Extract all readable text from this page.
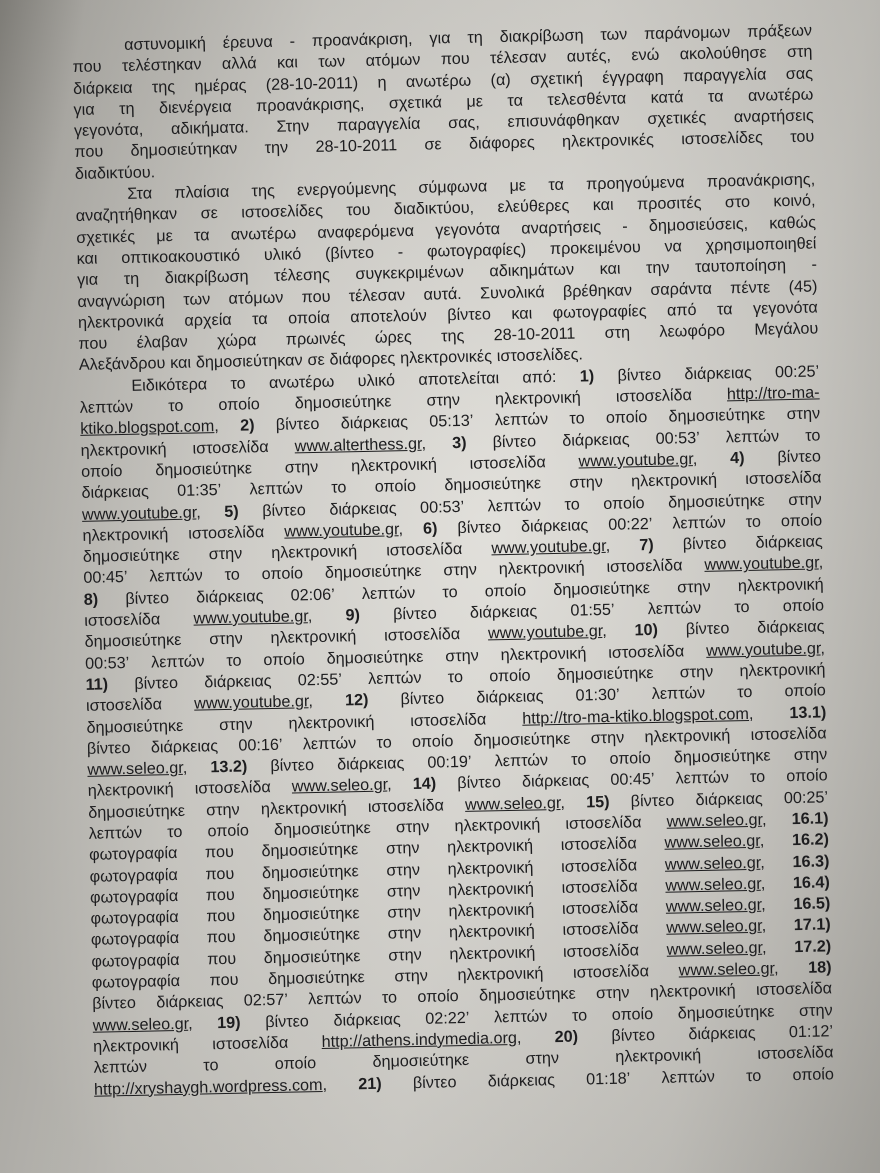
αστυνομική έρευνα - προανάκριση, για τη διακρίβωση των παράνομων πράξεων
που τελέστηκαν αλλά και των ατόμων που τέλεσαν αυτές, ενώ ακολούθησε στη
διάρκεια της ημέρας (28-10-2011) η ανωτέρω (α) σχετική έγγραφη παραγγελία σας
για τη διενέργεια προανάκρισης, σχετικά με τα τελεσθέντα κατά τα ανωτέρω
γεγονότα, αδικήματα. Στην παραγγελία σας, επισυνάφθηκαν σχετικές αναρτήσεις
που δημοσιεύτηκαν την 28-10-2011 σε διάφορες ηλεκτρονικές ιστοσελίδες του
διαδικτύου.
Στα πλαίσια της ενεργούμενης σύμφωνα με τα προηγούμενα προανάκρισης,
αναζητήθηκαν σε ιστοσελίδες του διαδικτύου, ελεύθερες και προσιτές στο κοινό,
σχετικές με τα ανωτέρω αναφερόμενα γεγονότα αναρτήσεις - δημοσιεύσεις, καθώς
και οπτικοακουστικό υλικό (βίντεο - φωτογραφίες) προκειμένου να χρησιμοποιηθεί
για τη διακρίβωση τέλεσης συγκεκριμένων αδικημάτων και την ταυτοποίηση -
αναγνώριση των ατόμων που τέλεσαν αυτά. Συνολικά βρέθηκαν σαράντα πέντε (45)
ηλεκτρονικά αρχεία τα οποία αποτελούν βίντεο και φωτογραφίες από τα γεγονότα
που έλαβαν χώρα πρωινές ώρες της 28-10-2011 στη λεωφόρο Μεγάλου
Αλεξάνδρου και δημοσιεύτηκαν σε διάφορες ηλεκτρονικές ιστοσελίδες.
Ειδικότερα το ανωτέρω υλικό αποτελείται από: 1) βίντεο διάρκειας 00:25’
λεπτών το οποίο δημοσιεύτηκε στην ηλεκτρονική ιστοσελίδα http://tro-ma-
ktiko.blogspot.com, 2) βίντεο διάρκειας 05:13’ λεπτών το οποίο δημοσιεύτηκε στην
ηλεκτρονική ιστοσελίδα www.alterthess.gr, 3) βίντεο διάρκειας 00:53’ λεπτών το
οποίο δημοσιεύτηκε στην ηλεκτρονική ιστοσελίδα www.youtube.gr, 4) βίντεο
διάρκειας 01:35’ λεπτών το οποίο δημοσιεύτηκε στην ηλεκτρονική ιστοσελίδα
www.youtube.gr, 5) βίντεο διάρκειας 00:53’ λεπτών το οποίο δημοσιεύτηκε στην
ηλεκτρονική ιστοσελίδα www.youtube.gr, 6) βίντεο διάρκειας 00:22’ λεπτών το οποίο
δημοσιεύτηκε στην ηλεκτρονική ιστοσελίδα www.youtube.gr, 7) βίντεο διάρκειας
00:45’ λεπτών το οποίο δημοσιεύτηκε στην ηλεκτρονική ιστοσελίδα www.youtube.gr,
8) βίντεο διάρκειας 02:06’ λεπτών το οποίο δημοσιεύτηκε στην ηλεκτρονική
ιστοσελίδα www.youtube.gr, 9) βίντεο διάρκειας 01:55’ λεπτών το οποίο
δημοσιεύτηκε στην ηλεκτρονική ιστοσελίδα www.youtube.gr, 10) βίντεο διάρκειας
00:53’ λεπτών το οποίο δημοσιεύτηκε στην ηλεκτρονική ιστοσελίδα www.youtube.gr,
11) βίντεο διάρκειας 02:55’ λεπτών το οποίο δημοσιεύτηκε στην ηλεκτρονική
ιστοσελίδα www.youtube.gr, 12) βίντεο διάρκειας 01:30’ λεπτών το οποίο
δημοσιεύτηκε στην ηλεκτρονική ιστοσελίδα http://tro-ma-ktiko.blogspot.com, 13.1)
βίντεο διάρκειας 00:16’ λεπτών το οποίο δημοσιεύτηκε στην ηλεκτρονική ιστοσελίδα
www.seleo.gr, 13.2) βίντεο διάρκειας 00:19’ λεπτών το οποίο δημοσιεύτηκε στην
ηλεκτρονική ιστοσελίδα www.seleo.gr, 14) βίντεο διάρκειας 00:45’ λεπτών το οποίο
δημοσιεύτηκε στην ηλεκτρονική ιστοσελίδα www.seleo.gr, 15) βίντεο διάρκειας 00:25’
λεπτών το οποίο δημοσιεύτηκε στην ηλεκτρονική ιστοσελίδα www.seleo.gr, 16.1)
φωτογραφία που δημοσιεύτηκε στην ηλεκτρονική ιστοσελίδα www.seleo.gr, 16.2)
φωτογραφία που δημοσιεύτηκε στην ηλεκτρονική ιστοσελίδα www.seleo.gr, 16.3)
φωτογραφία που δημοσιεύτηκε στην ηλεκτρονική ιστοσελίδα www.seleo.gr, 16.4)
φωτογραφία που δημοσιεύτηκε στην ηλεκτρονική ιστοσελίδα www.seleo.gr, 16.5)
φωτογραφία που δημοσιεύτηκε στην ηλεκτρονική ιστοσελίδα www.seleo.gr, 17.1)
φωτογραφία που δημοσιεύτηκε στην ηλεκτρονική ιστοσελίδα www.seleo.gr, 17.2)
φωτογραφία που δημοσιεύτηκε στην ηλεκτρονική ιστοσελίδα www.seleo.gr, 18)
βίντεο διάρκειας 02:57’ λεπτών το οποίο δημοσιεύτηκε στην ηλεκτρονική ιστοσελίδα
www.seleo.gr, 19) βίντεο διάρκειας 02:22’ λεπτών το οποίο δημοσιεύτηκε στην
ηλεκτρονική ιστοσελίδα http://athens.indymedia.org, 20) βίντεο διάρκειας 01:12’
λεπτών	το	οποίο	δημοσιεύτηκε	στην	ηλεκτρονική	ιστοσελίδα
http://xryshaygh.wordpress.com, 21) βίντεο διάρκειας 01:18’ λεπτών το οποίο
